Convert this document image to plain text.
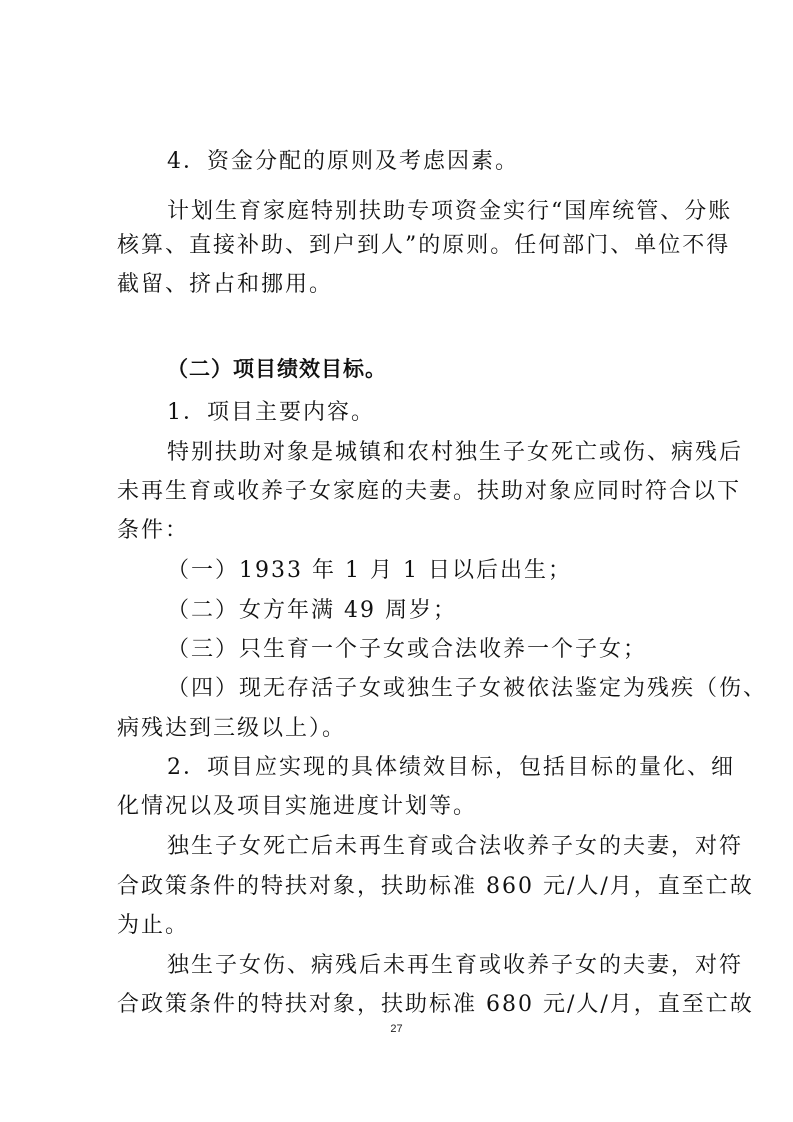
4．资金分配的原则及考虑因素。
计划生育家庭特别扶助专项资金实行“国库统管、分账
核算、直接补助、到户到人”的原则。任何部门、单位不得
截留、挤占和挪用。
（二）项目绩效目标。
1．项目主要内容。
特别扶助对象是城镇和农村独生子女死亡或伤、病残后
未再生育或收养子女家庭的夫妻。扶助对象应同时符合以下
条件：
（一）1933 年 1 月 1 日以后出生；
（二）女方年满 49 周岁；
（三）只生育一个子女或合法收养一个子女；
（四）现无存活子女或独生子女被依法鉴定为残疾（伤、
病残达到三级以上）。
2．项目应实现的具体绩效目标，包括目标的量化、细
化情况以及项目实施进度计划等。
独生子女死亡后未再生育或合法收养子女的夫妻，对符
合政策条件的特扶对象，扶助标准 860 元/人/月，直至亡故
为止。
独生子女伤、病残后未再生育或收养子女的夫妻，对符
合政策条件的特扶对象，扶助标准 680 元/人/月，直至亡故
27
